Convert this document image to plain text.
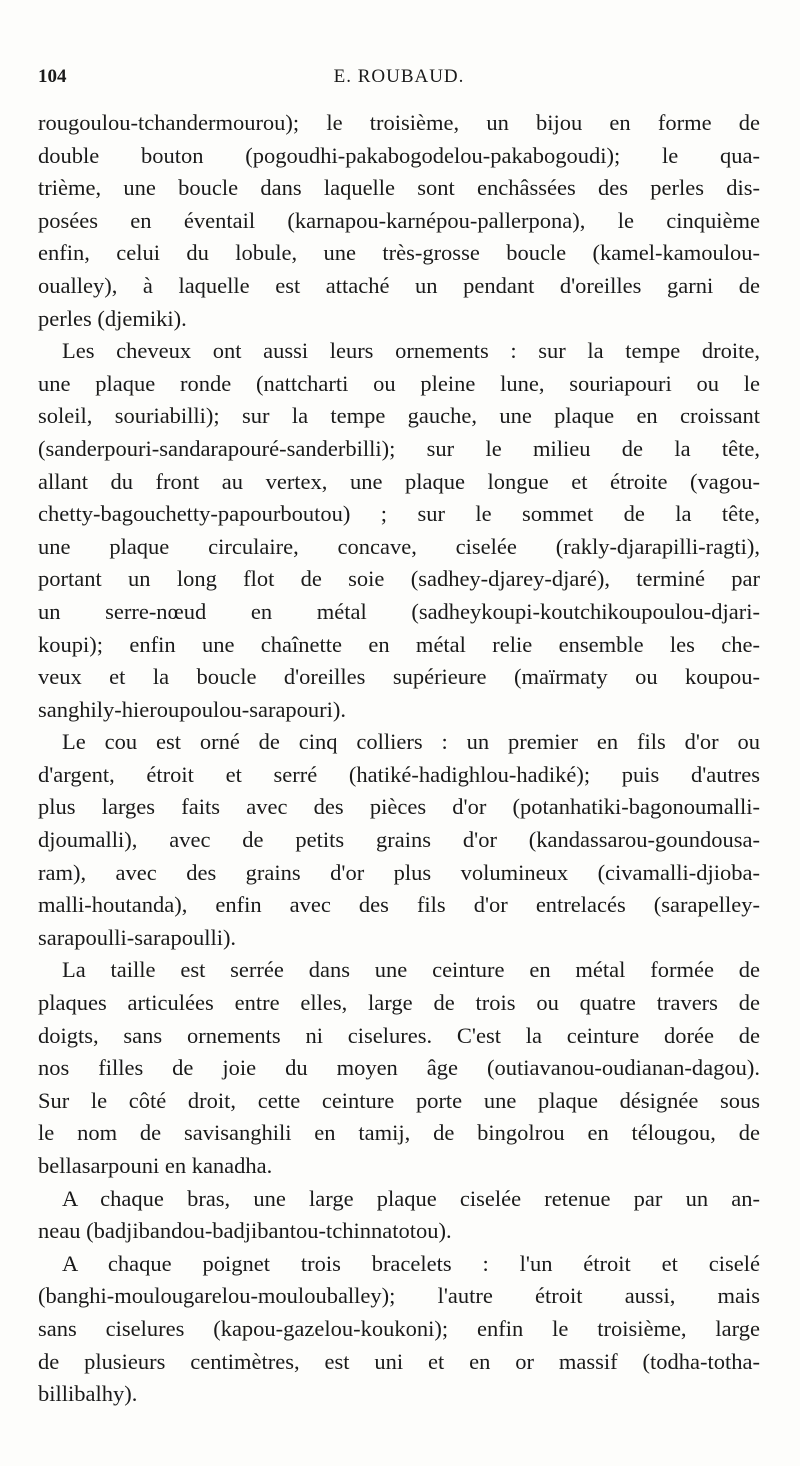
104	E. ROUBAUD.
rougoulou-tchandermourou); le troisième, un bijou en forme de
double bouton (pogoudhi-pakabogodelou-pakabogoudi); le qua-
trième, une boucle dans laquelle sont enchâssées des perles dis-
posées en éventail (karnapou-karnépou-pallerpona), le cinquième
enfin, celui du lobule, une très-grosse boucle (kamel-kamoulou-
oualley), à laquelle est attaché un pendant d'oreilles garni de
perles (djemiki).
Les cheveux ont aussi leurs ornements : sur la tempe droite,
une plaque ronde (nattcharti ou pleine lune, souriapouri ou le
soleil, souriabilli); sur la tempe gauche, une plaque en croissant
(sanderpouri-sandarapouré-sanderbilli); sur le milieu de la tête,
allant du front au vertex, une plaque longue et étroite (vagou-
chetty-bagouchetty-papourboutou) ; sur le sommet de la tête,
une plaque circulaire, concave, ciselée (rakly-djarapilli-ragti),
portant un long flot de soie (sadhey-djarey-djaré), terminé par
un serre-nœud en métal (sadheykoupi-koutchikoupoulou-djari-
koupi); enfin une chaînette en métal relie ensemble les che-
veux et la boucle d'oreilles supérieure (maïrmaty ou koupou-
sanghily-hieroupoulou-sarapouri).
Le cou est orné de cinq colliers : un premier en fils d'or ou
d'argent, étroit et serré (hatiké-hadighlou-hadiké); puis d'autres
plus larges faits avec des pièces d'or (potanhatiki-bagonoumalli-
djoumalli), avec de petits grains d'or (kandassarou-goundousa-
ram), avec des grains d'or plus volumineux (civamalli-djioba-
malli-houtanda), enfin avec des fils d'or entrelacés (sarapelley-
sarapoulli-sarapoulli).
La taille est serrée dans une ceinture en métal formée de
plaques articulées entre elles, large de trois ou quatre travers de
doigts, sans ornements ni ciselures. C'est la ceinture dorée de
nos filles de joie du moyen âge (outiavanou-oudianan-dagou).
Sur le côté droit, cette ceinture porte une plaque désignée sous
le nom de savisanghili en tamij, de bingolrou en télougou, de
bellasarpouni en kanadha.
A chaque bras, une large plaque ciselée retenue par un an-
neau (badjibandou-badjibantou-tchinnatotou).
A chaque poignet trois bracelets : l'un étroit et ciselé
(banghi-moulougarelou-moulouballey); l'autre étroit aussi, mais
sans ciselures (kapou-gazelou-koukoni); enfin le troisième, large
de plusieurs centimètres, est uni et en or massif (todha-totha-
billibalhy).
